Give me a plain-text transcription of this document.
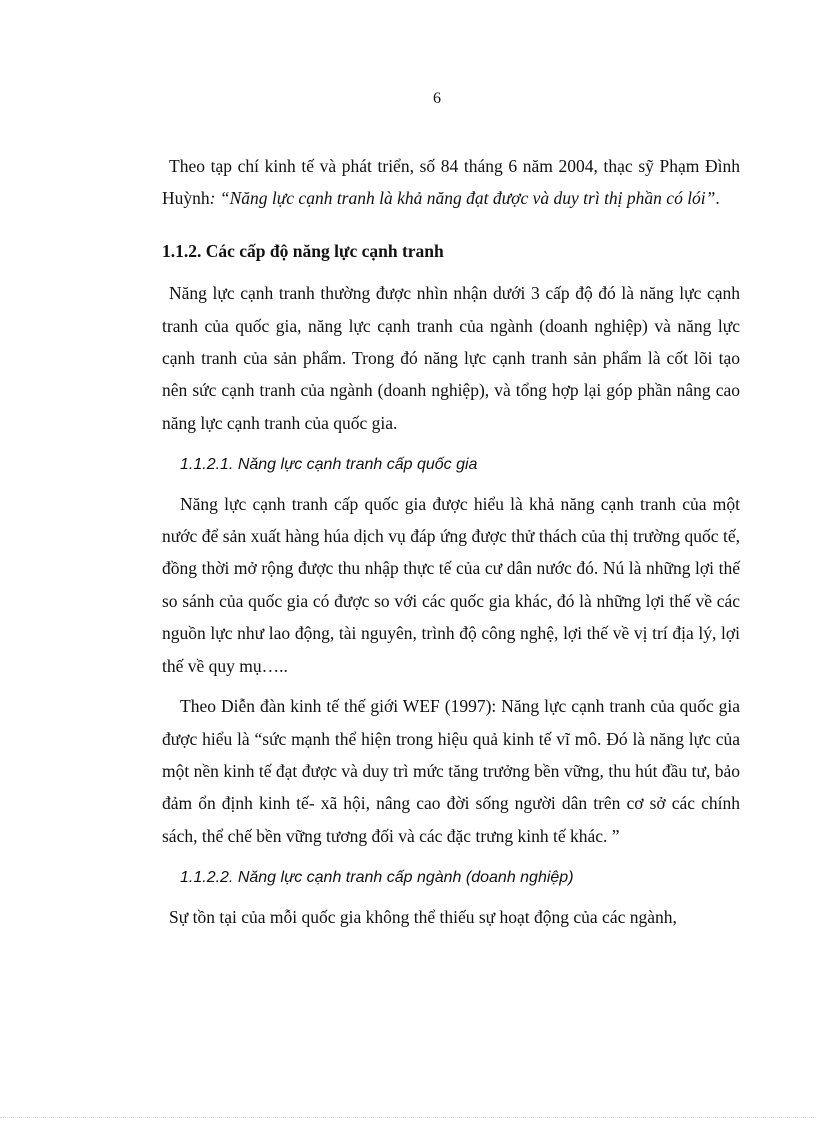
6

Theo tạp chí kinh tế và phát triển, số 84 tháng 6 năm 2004, thạc sỹ Phạm Đình Huỳnh: “Năng lực cạnh tranh là khả năng đạt được và duy trì thị phần có lói”.

1.1.2. Các cấp độ năng lực cạnh tranh

Năng lực cạnh tranh thường được nhìn nhận dưới 3 cấp độ đó là năng lực cạnh tranh của quốc gia, năng lực cạnh tranh của ngành (doanh nghiệp) và năng lực cạnh tranh của sản phẩm. Trong đó năng lực cạnh tranh sản phẩm là cốt lõi tạo nên sức cạnh tranh của ngành (doanh nghiệp), và tổng hợp lại góp phần nâng cao năng lực cạnh tranh của quốc gia.

1.1.2.1. Năng lực cạnh tranh cấp quốc gia

Năng lực cạnh tranh cấp quốc gia được hiểu là khả năng cạnh tranh của một nước để sản xuất hàng húa dịch vụ đáp ứng được thử thách của thị trường quốc tế, đồng thời mở rộng được thu nhập thực tế của cư dân nước đó. Nú là những lợi thế so sánh của quốc gia có được so với các quốc gia khác, đó là những lợi thế về các nguồn lực như lao động, tài nguyên, trình độ công nghệ, lợi thế về vị trí địa lý, lợi thế về quy mụ…..

Theo Diễn đàn kinh tế thế giới WEF (1997): Năng lực cạnh tranh của quốc gia được hiểu là “sức mạnh thể hiện trong hiệu quả kinh tế vĩ mô. Đó là năng lực của một nền kinh tế đạt được và duy trì mức tăng trưởng bền vững, thu hút đầu tư, bảo đảm ổn định kinh tế- xã hội, nâng cao đời sống người dân trên cơ sở các chính sách, thể chế bền vững tương đối và các đặc trưng kinh tế khác. ”

1.1.2.2. Năng lực cạnh tranh cấp ngành (doanh nghiệp)

Sự tồn tại của mỗi quốc gia không thể thiếu sự hoạt động của các ngành,
